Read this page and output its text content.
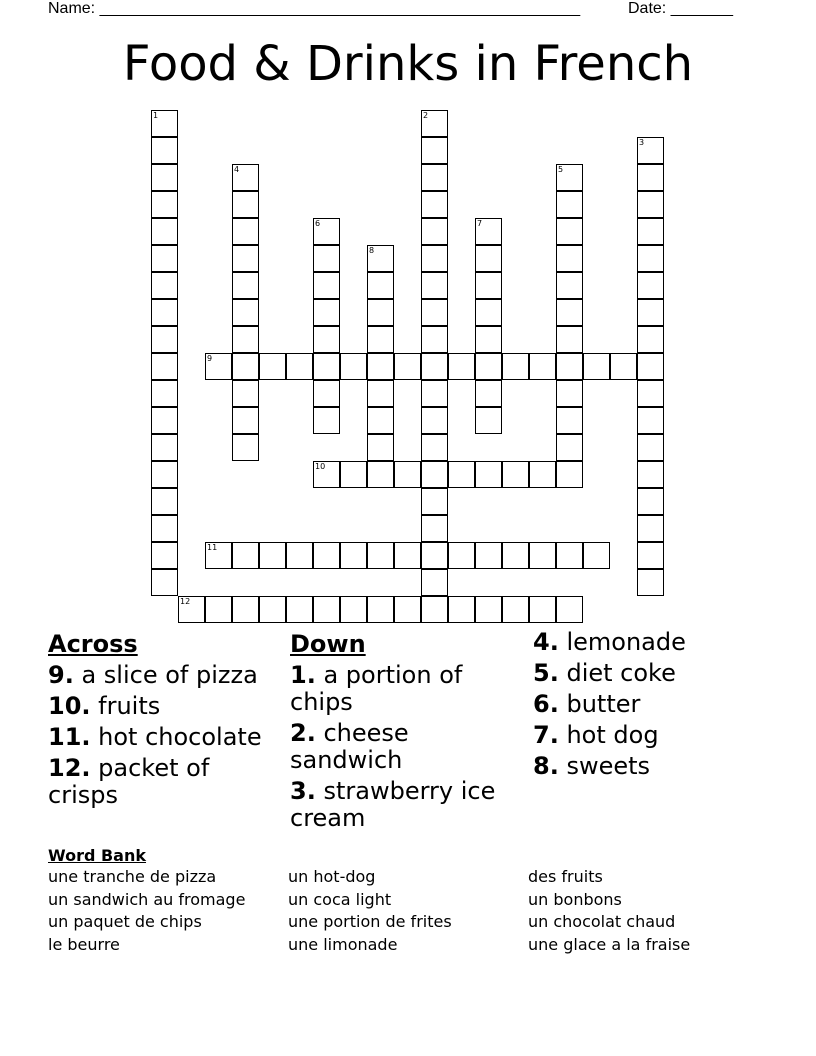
Name: ______________________________________________________	Date: _______
Food & Drinks in French
1	2
3
4	5
6	7
8
9
10
11
12
Across
9. a slice of pizza
10. fruits
11. hot chocolate
12. packet of crisps
Down
1. a portion of chips
2. cheese sandwich
3. strawberry ice cream
4. lemonade
5. diet coke
6. butter
7. hot dog
8. sweets
Word Bank
une tranche de pizza
un sandwich au fromage
un paquet de chips
le beurre
un hot-dog
un coca light
une portion de frites
une limonade
des fruits
un bonbons
un chocolat chaud
une glace a la fraise
